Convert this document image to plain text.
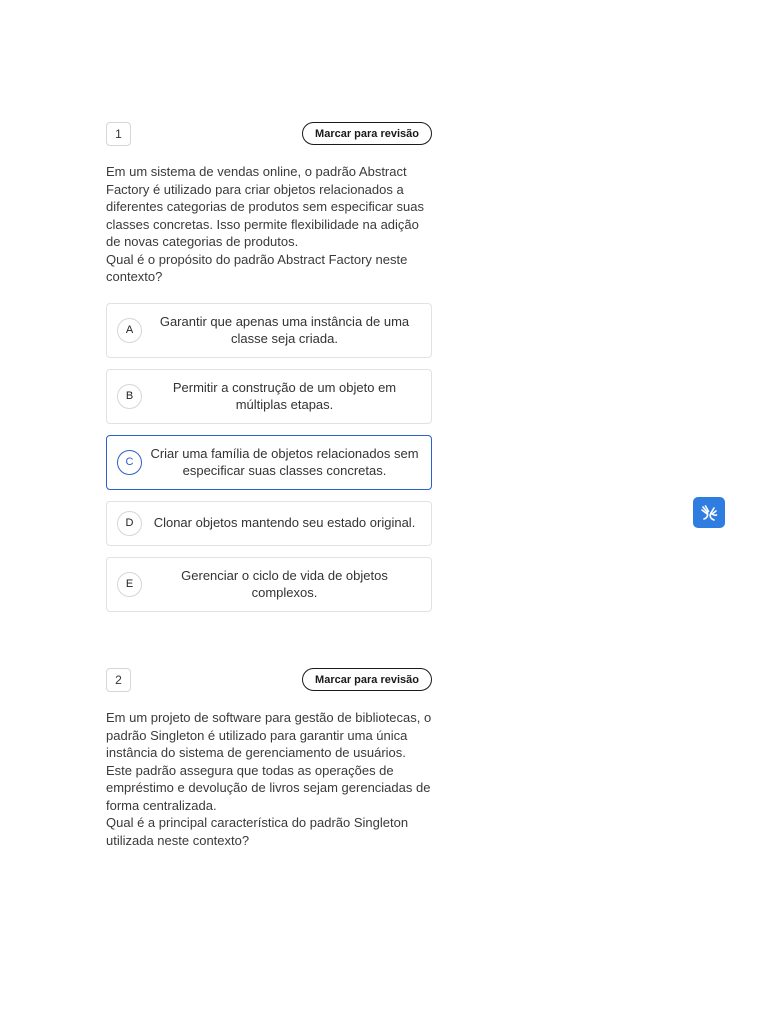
1	Marcar para revisão

Em um sistema de vendas online, o padrão Abstract Factory é utilizado para criar objetos relacionados a diferentes categorias de produtos sem especificar suas classes concretas. Isso permite flexibilidade na adição de novas categorias de produtos.

Qual é o propósito do padrão Abstract Factory neste contexto?

A
Garantir que apenas uma instância de uma classe seja criada.
B
Permitir a construção de um objeto em múltiplas etapas.
C
Criar uma família de objetos relacionados sem especificar suas classes concretas.
D	Clonar objetos mantendo seu estado original.
E
Gerenciar o ciclo de vida de objetos complexos.
2	Marcar para revisão

Em um projeto de software para gestão de bibliotecas, o padrão Singleton é utilizado para garantir uma única instância do sistema de gerenciamento de usuários. Este padrão assegura que todas as operações de empréstimo e devolução de livros sejam gerenciadas de forma centralizada.

Qual é a principal característica do padrão Singleton utilizada neste contexto?
